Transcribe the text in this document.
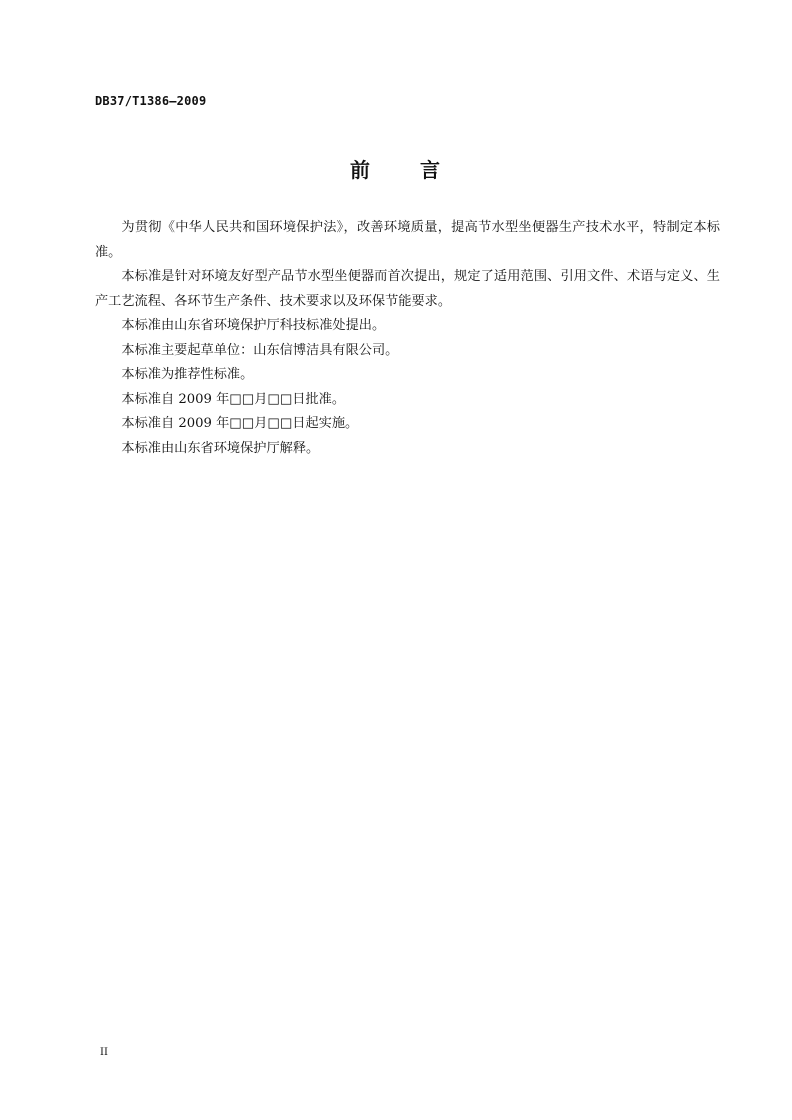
DB37/T1386—2009
前 言

为贯彻《中华人民共和国环境保护法》，改善环境质量，提高节水型坐便器生产技术水平，特制定本标准。

本标准是针对环境友好型产品节水型坐便器而首次提出，规定了适用范围、引用文件、术语与定义、生产工艺流程、各环节生产条件、技术要求以及环保节能要求。

本标准由山东省环境保护厅科技标准处提出。

本标准主要起草单位：山东信博洁具有限公司。

本标准为推荐性标准。

本标准自 2009 年□□月□□日批准。

本标准自 2009 年□□月□□日起实施。

本标准由山东省环境保护厅解释。

II
